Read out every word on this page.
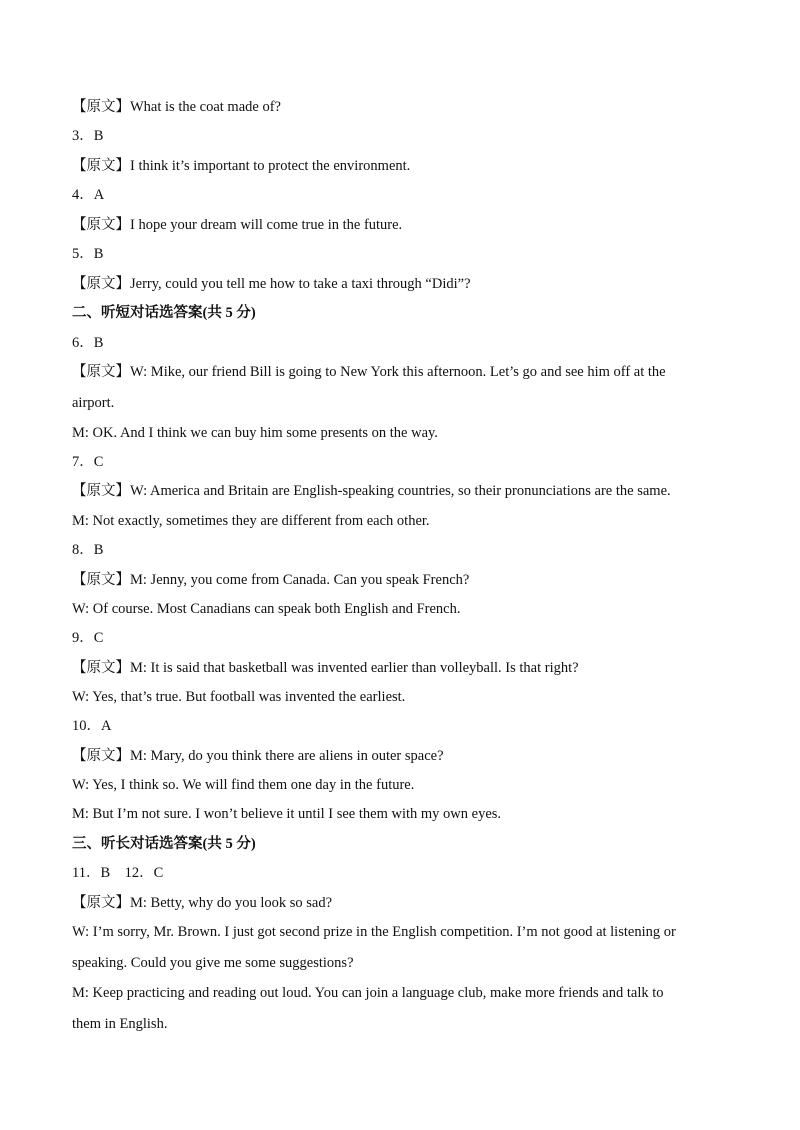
【原文】What is the coat made of?
3．B
【原文】I think it’s important to protect the environment.
4．A
【原文】I hope your dream will come true in the future.
5．B
【原文】Jerry, could you tell me how to take a taxi through “Didi”?
二、听短对话选答案(共 5 分)
6．B
【原文】W: Mike, our friend Bill is going to New York this afternoon. Let’s go and see him off at the
airport.
M: OK. And I think we can buy him some presents on the way.
7．C
【原文】W: America and Britain are English-speaking countries, so their pronunciations are the same.
M: Not exactly, sometimes they are different from each other.
8．B
【原文】M: Jenny, you come from Canada. Can you speak French?
W: Of course. Most Canadians can speak both English and French.
9．C
【原文】M: It is said that basketball was invented earlier than volleyball. Is that right?
W: Yes, that’s true. But football was invented the earliest.
10．A
【原文】M: Mary, do you think there are aliens in outer space?
W: Yes, I think so. We will find them one day in the future.
M: But I’m not sure. I won’t believe it until I see them with my own eyes.
三、听长对话选答案(共 5 分)
11．B　12．C
【原文】M: Betty, why do you look so sad?
W: I’m sorry, Mr. Brown. I just got second prize in the English competition. I’m not good at listening or
speaking. Could you give me some suggestions?
M: Keep practicing and reading out loud. You can join a language club, make more friends and talk to
them in English.
